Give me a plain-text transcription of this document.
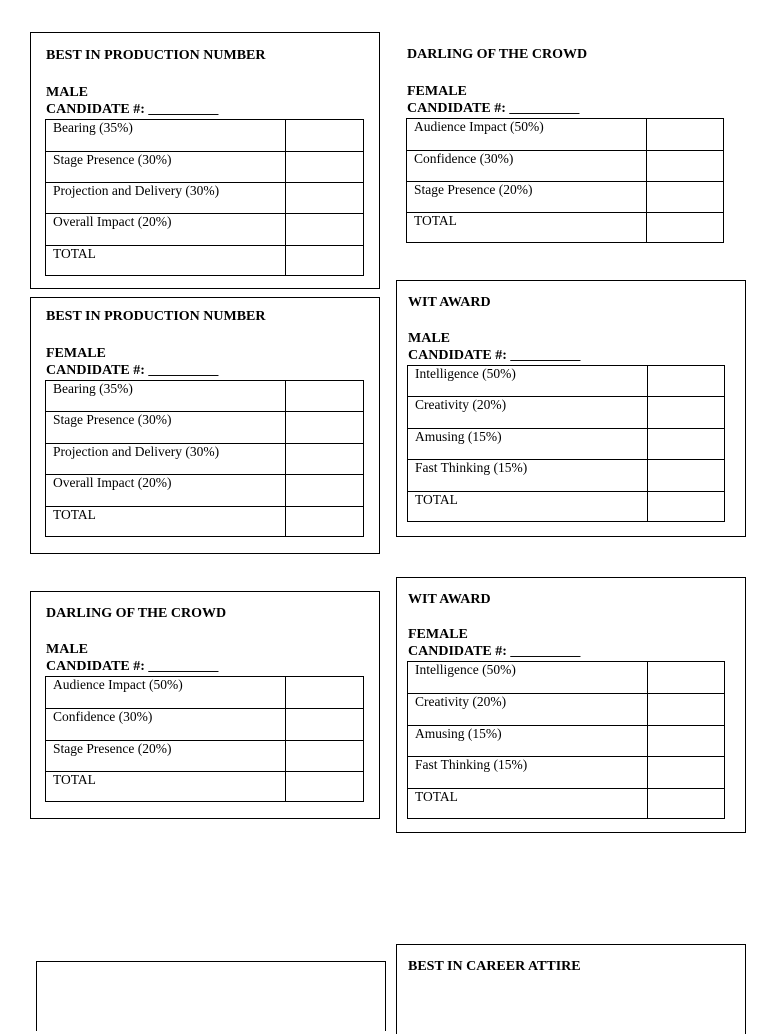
BEST IN PRODUCTION NUMBER
MALE
CANDIDATE #: __________
Bearing (35%)	
Stage Presence (30%)	
Projection and Delivery (30%)	
Overall Impact (20%)	
TOTAL	
DARLING OF THE CROWD
FEMALE
CANDIDATE #: __________
Audience Impact (50%)	
Confidence (30%)	
Stage Presence (20%)	
TOTAL	
BEST IN PRODUCTION NUMBER
FEMALE
CANDIDATE #: __________
Bearing (35%)	
Stage Presence (30%)	
Projection and Delivery (30%)	
Overall Impact (20%)	
TOTAL	
WIT AWARD
MALE
CANDIDATE #: __________
Intelligence (50%)	
Creativity (20%)	
Amusing (15%)	
Fast Thinking (15%)	
TOTAL	
DARLING OF THE CROWD
MALE
CANDIDATE #: __________
Audience Impact (50%)	
Confidence (30%)	
Stage Presence (20%)	
TOTAL	
WIT AWARD
FEMALE
CANDIDATE #: __________
Intelligence (50%)	
Creativity (20%)	
Amusing (15%)	
Fast Thinking (15%)	
TOTAL	
BEST IN CAREER ATTIRE
